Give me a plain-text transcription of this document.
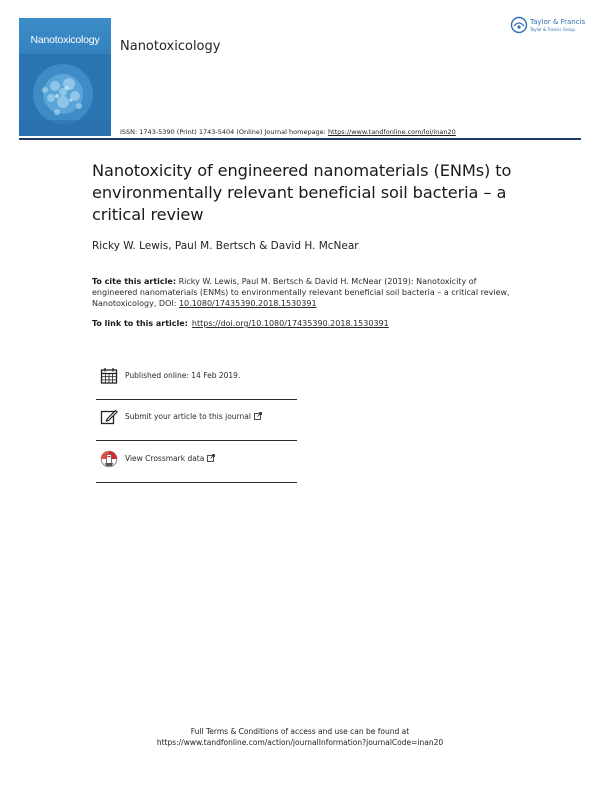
Nanotoxicology	Nanotoxicology
Taylor & Francis
Taylor & Francis Group
ISSN: 1743-5390 (Print) 1743-5404 (Online) Journal homepage: https://www.tandfonline.com/loi/inan20
Nanotoxicity of engineered nanomaterials (ENMs) to environmentally relevant beneficial soil bacteria – a critical review
Ricky W. Lewis, Paul M. Bertsch & David H. McNear
To cite this article: Ricky W. Lewis, Paul M. Bertsch & David H. McNear (2019): Nanotoxicity of engineered nanomaterials (ENMs) to environmentally relevant beneficial soil bacteria – a critical review, Nanotoxicology, DOI: 10.1080/17435390.2018.1530391
To link to this article: https://doi.org/10.1080/17435390.2018.1530391
Published online: 14 Feb 2019.
Submit your article to this journal
View Crossmark data
Full Terms & Conditions of access and use can be found at
https://www.tandfonline.com/action/journalInformation?journalCode=inan20
